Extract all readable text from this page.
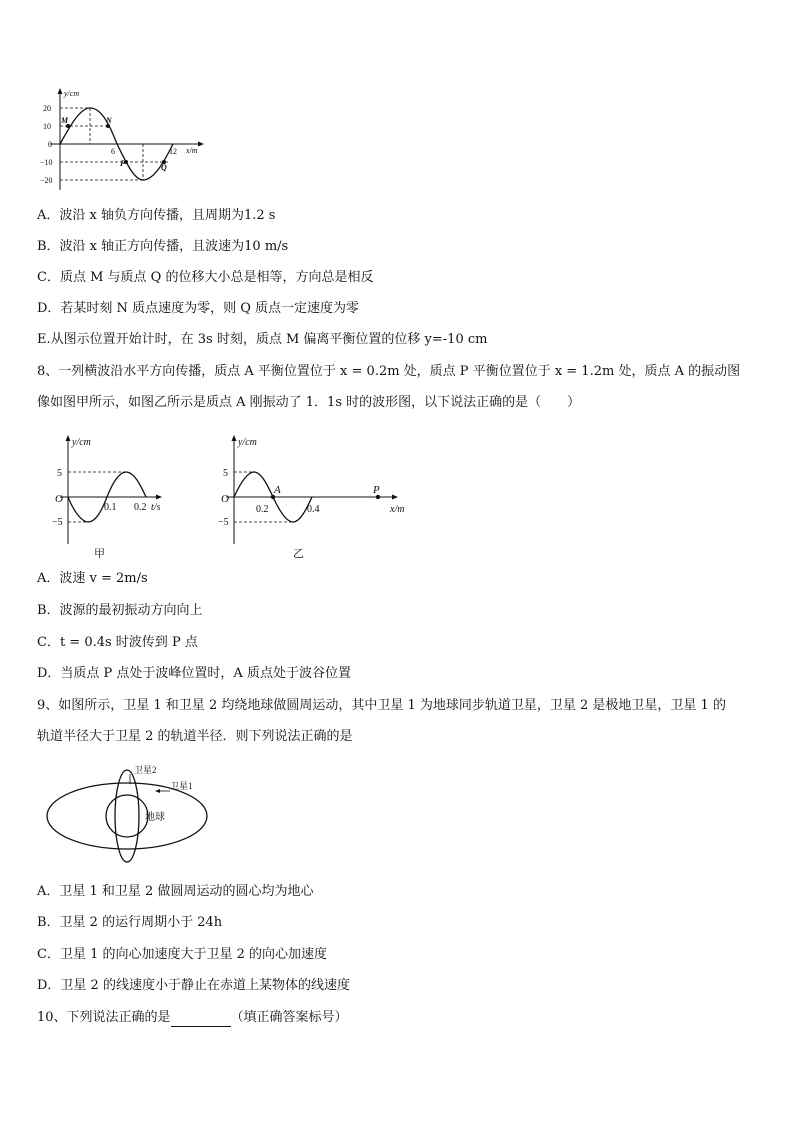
y/cm
x/m
20
10
0
−10
−20
6	12
M	N
P	Q
A．波沿 x 轴负方向传播，且周期为1.2 s
B．波沿 x 轴正方向传播，且波速为10 m/s
C．质点 M 与质点 Q 的位移大小总是相等，方向总是相反
D．若某时刻 N 质点速度为零，则 Q 质点一定速度为零
E.从图示位置开始计时，在 3s 时刻，质点 M 偏离平衡位置的位移 y=-10 cm
8、一列横波沿水平方向传播，质点 A 平衡位置位于 x = 0.2m 处，质点 P 平衡位置位于 x = 1.2m 处，质点 A 的振动图
像如图甲所示，如图乙所示是质点 A 刚振动了 1．1s 时的波形图，以下说法正确的是（　　）
y/cm
5
−5
O
0.1 0.2 t/s
甲
y/cm
5
−5
O
0.2	0.4
A	P
x/m
乙
A．波速 v = 2m/s
B．波源的最初振动方向向上
C．t = 0.4s 时波传到 P 点
D．当质点 P 点处于波峰位置时，A 质点处于波谷位置
9、如图所示，卫星 1 和卫星 2 均绕地球做圆周运动，其中卫星 1 为地球同步轨道卫星，卫星 2 是极地卫星，卫星 1 的
轨道半径大于卫星 2 的轨道半径．则下列说法正确的是
卫星2
卫星1
地球
A．卫星 1 和卫星 2 做圆周运动的圆心均为地心
B．卫星 2 的运行周期小于 24h
C．卫星 1 的向心加速度大于卫星 2 的向心加速度
D．卫星 2 的线速度小于静止在赤道上某物体的线速度
10、下列说法正确的是	（填正确答案标号）
